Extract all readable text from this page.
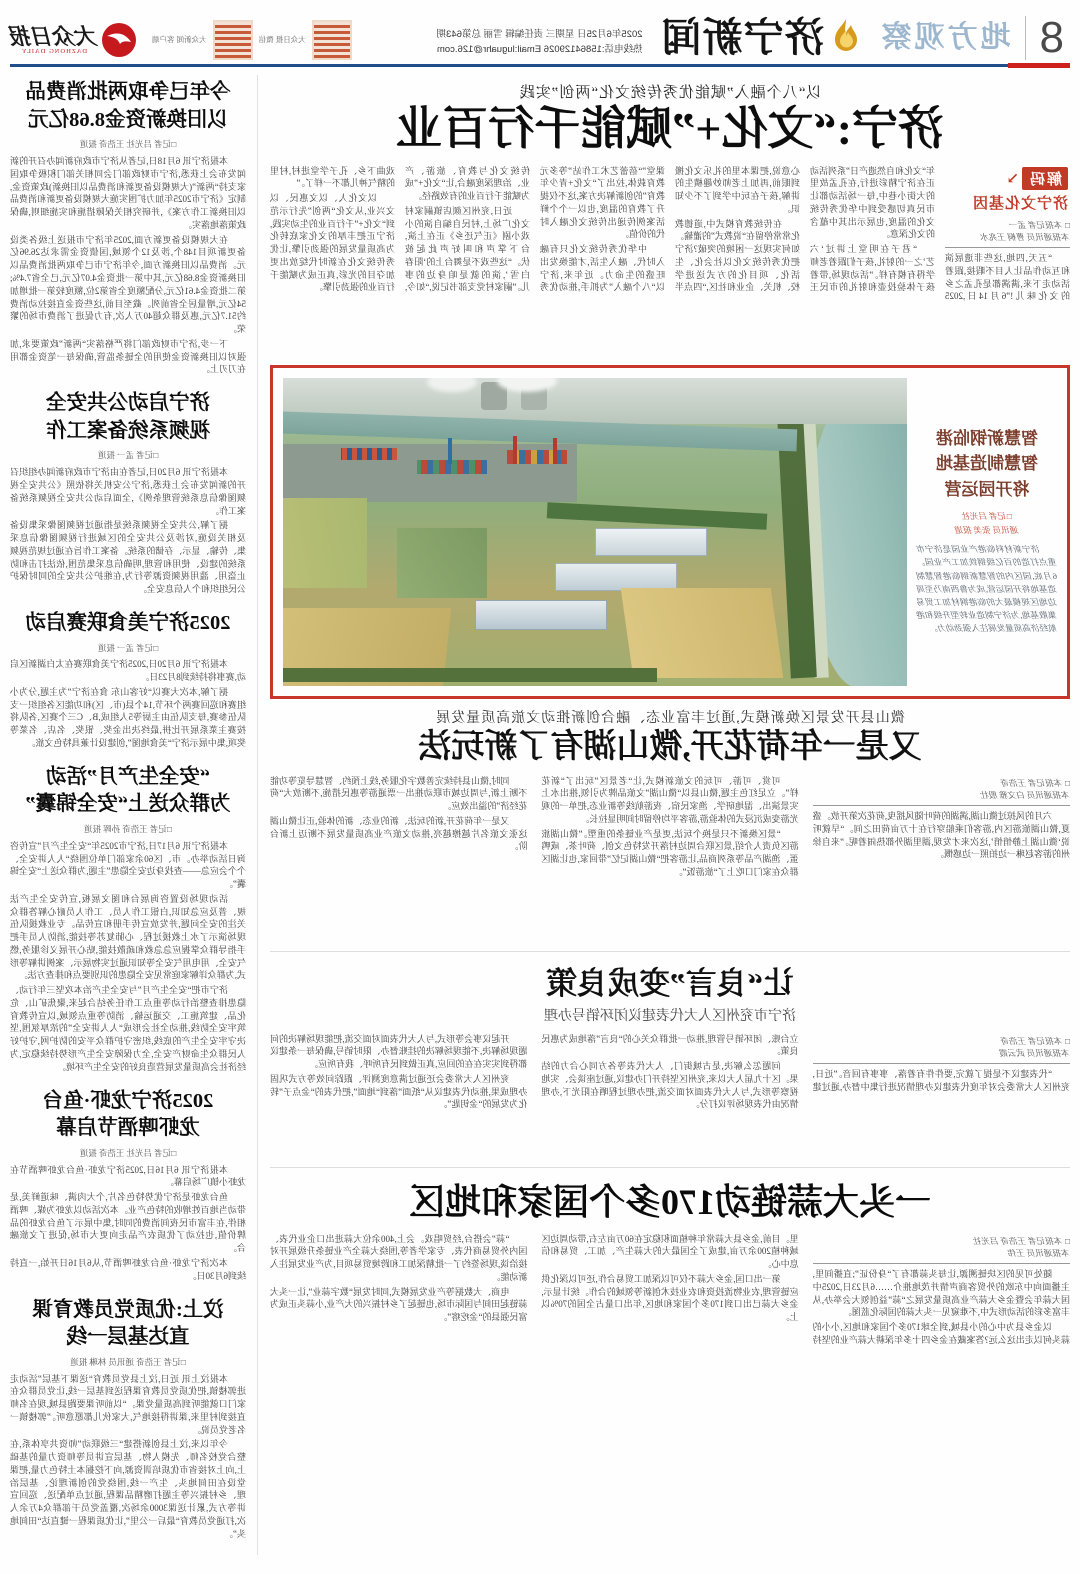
8
地方观察
济宁新闻
2025年6月25日 星期三 责任编辑 雪丽 总第643期
热线电话:15864129026 Email:luguahr@126.com
大众日报 微信
大众新闻 客户端
大众日报
DAZHONG DAILY
以“八个融入”赋能优秀传统文化“两创”实践
济宁:“文化+”赋能千行百业
解码
↘
济宁文化基因
□ 本报记者 孟一
本报通讯员 曹桐 王兆水

“五天,四地,这些非遗展演和互动作品让人目不暇接,跟着活动走下来,满满都是孔孟之乡的文化味儿!”6月14日,2025年“文化和自然遗产日”系列活动正在济宁精彩进行,在孔孟故里的大街小巷中,每一场活动都让市民真切感受到中华优秀传统文化的温度,也展示出其中蕴含的文化深意。

“君子在明堂上讲过‘六艺’之一的射礼,孩子们跟着老师学得有模有样。”活动现场,带着孩子体验投壶和射礼的市民王心意说,把课本里的礼乐文化搬到眼前,再加上老师妙趣横生的讲解,孩子在玩中学到了不少知识。

在传统教育模式中,道德教化常常停留在“说教式”的灌输。如何实现这一困境的突破?济宁把优秀传统文化以社会化、生活化、项目化的方式送进学校、机关、企业和社区,“四点半课堂”“蓓蕾艺术工作站”等多元教育载体,拉出了“文化+青少年教育”的创新解决方案,这不仅提升了教育的温度,也以一个个鲜活案例传递出传统文化融入时代的价值。

中华优秀传统文化只有融入时代、融入生活,才能焕发出旺盛的生命力。近年来,济宁以“八个融入”为抓手,推动优秀传统文化与教育、旅游、产业、治理深度融合,让“文化+”成为赋能千行百业的有效路径。

近日,兖州区颜店镇嗣家村文化广场上,村民自编自演的小戏小剧《正气还乡》正在上演,台下掌声和叫好声此起彼伏。“这些戏不是舞台上的‘阳春白雪’,演的就是咱身边的事儿。”嗣家村党支部书记说,“如今,戏曲下乡、孔子学堂进村,村里的精气神儿都不一样了。”

以文化人、以文惠民、以文兴业,从文化“两创”先行示范到“文化+”千行百业的生动实践,济宁正把丰厚的文化家底转化为高质量发展的强劲引擎,让优秀传统文化在新时代绽放出更加夺目的光彩,真正成为赋能千行百业的强劲引擎。

智慧新钢临港
智慧制造基地
将开园运营
□记者 吕光社
通讯员 张美 报道
济宁新材料临港产业园是济宁市重点打造的百亿级钢铁加工产业园。6月底,园区内的智慧新钢临港智慧制造基地将开园运营,成为鲁西南乃至周边地区规模最大的临港钢材加工贸易集散基地,为济宁制造业转型升级和港航经济高质量发展注入强劲动力。
微山县开发景区焕新模式,通过丰富业态、融合创新推动文旅高质量发展
又是一年荷花开,微山湖有了新玩法
□ 本报记者 王浩奇
本报通讯员 白文雅 殷壮

六月的风掠过微山湖,满湖的荷叶随风摇曳,荷花次第开放。盛夏,微山湖旅游区内,游客们乘船穿行在十万亩荷田之间。“早就听说‘微山湖上静悄悄’,这次来才发现,湖里湖外都热闹着呢。”来自徐州的游客赵琳一边拍照一边感慨。

可赏、可游、可玩的文旅新模式,让“老景区”玩出了“新花样”。立足红色主题,微山县以“微山湖”文旅品牌为引领,推出水上实景演出、湿地研学、渔家民宿、夜游航线等新业态,把单一的观光游变成沉浸式的体验游,游客平均停留时间明显拉长。

“景区焕新不只是换个玩法,更是产业链条的重塑。”微山湖旅游区负责人介绍,景区联合周边村落开发特色文创、荷叶茶、咸鸭蛋、渔湖产品等系列商品,让游客把“微山湖记忆”带回家,也让湖区群众在家门口吃上了“旅游饭”。

同时,微山县持续完善数字化服务,线上预约、智慧导览等功能不断上新,与周边城市联动推出一票通游等惠民措施,不断放大“荷花经济”的溢出效应。

又是一年荷花开,新的玩法、新的业态、新的体验,正让微山湖这张文旅名片越擦越亮,推动文旅产业高质量发展不断迈上新台阶。

让“良言”变成良策
济宁市兖州区人大代表建议闭环销号办理
□ 本报记者 王浩奇
本报通讯员 武云霞

“代表建议不是提了就完,要件件有着落、事事有回音。”近日,兖州区人大常委会对年度代表建议办理情况进行集中督办,通过建立台账、闭环销号管理,推动一批群众关心的“良言”落地成为惠民良策。

问题怎么解决,是古城街门、人大代表等各方同心合力的结果。区十九届人大以来,兖州区坚持开门办建议,通过座谈会、实地视察等形式,与人大代表面对面交流,把办理过程晒在阳光下,办理情况由代表现场评议打分。

开起议事会等形式,与人大代表面对面交流,把能现场解决的问题现场解决,不能现场解决的挂账督办、限时销号,确保每一条建议都得到实实在在的回应,真正做到民有所呼、我有所应。

兖州区人大常委会还通过满意度测评、跟踪问效等方式巩固办理成果,推动代表建议从“纸面”落到“地面”,把代表的“金点子”转化为发展的“金钥匙”。

一头大蒜链动170多个国家和地区
□ 本报记者 王浩奇 吕光社
本报通讯员 王伟

随处可见的区块链溯源,让每头蒜都有了“身份证”;直播间里,主播面向中东欧的外贸客商声情并茂地推介……6月23日,2025中国大蒜年会暨金乡大蒜产业高质量发展之“蒜”益创领大会举办,从丰富多彩的活动形式中,不难窥见一头大蒜的国际化蓝图。

以金乡县为中心的小县城,到全球170多个国家和地区,小小的蒜头何以走出这么远?答案藏在金乡四十多年深耕大蒜产业的坚持里。目前,金乡县大蒜常年种植面积稳定在60万亩左右,带动周边区域种植200余万亩,建成了全国最大的大蒜生产、加工、贸易和信息中心。

第一出口国,金乡大蒜不仅可以深加工贸易合作,还可以深化供应链管理,农业物流投资和农业技术创新等领域的合作。统计显示,金乡大蒜已出口到170多个国家和地区,年出口量占全国的70%以上。

“蒜”会搭台,经贸唱戏。会上,400余位大蒜进出口企业代表、国内外贸易商代表、专家学者等,围绕大蒜全产业链条升级展开对接洽谈,现场签约了一批精深加工和跨境贸易项目,为产业发展注入新动能。

电商、大数据等产业发展模式,同时发展“数字蒜业”,让一头大蒜链起田间与国际市场,也链起了乡村振兴的大产业,小蒜头正成为富民强县的“金疙瘩”。

今年已争取两批消费品
以旧换新资金8.68亿元
□记者 吕光社 王浩奇 报道

本报济宁讯 6月18日,记者从济宁市政府新闻办召开的新闻发布会上获悉,济宁市财政部门会同相关部门积极争取国家支持“两新”(大规模设备更新和消费品以旧换新)政策资金,制定《济宁市2025年加力扩围实施大规模设备更新和消费品以旧换新工作方案》,并研究相关保障措施和实施细则,确保政策落地落实。

在大规模设备更新方面,2025年济宁市报送上级各类设备更新项目148个,涉及12个领域,国债资金需求达26.96亿元。消费品以旧换新方面,今年济宁市已争取两批消费品以旧换新资金8.68亿元,其中第一批资金4.07亿元,已全省7.4%;第二批资金4.61亿元,分配额度全省第2位,额度较第一批增加54亿元,增量居全省前列。截至目前,这些资金直接拉动消费约51.7亿元,惠及群众超40万人次,有力促进了消费市场的繁荣。

下一步,济宁市财政部门将严格落实“两新”政策要求,加强对以旧换新资金使用的全链条监管,确保每一笔资金都用在刀刃上。

济宁启动公共安全
视频系统备案工作
□记者 孟一 报道

本报济宁讯 6月20日,记者在由济宁市政府新闻办组织召开的新闻发布会上获悉,济宁公安机关将依照《公共安全视频图像信息系统管理条例》,全面启动公共安全视频系统备案工作。

据了解,公共安全视频系统是指通过视频图像采集设备及相关设施,对涉及公共安全的区域进行视频图像信息采集、传输、显示、存储的系统。备案工作旨在通过规范视频系统的建设、使用和管理,明确信息采集范围,依法打击和防止盗用、滥用视频资源等行为,在维护公共安全的同时保护公民组织和个人信息安全。

2025济宁美食联赛启动
□记者 孟一 报道

本报济宁讯 6月20日,2025济宁美食联赛在太白湖新区启动,赛事将持续到8月23日。

据了解,本次大赛以“好客山东 食在济宁”为主题,分为小组赛和巡回赛两个环节,14个县(市、区)和功能区各组织一支队伍参赛,每支队伍由主厨等5人组成,B、C三个赛区,各队将按赛主菜系展开比拼,最终决出金奖、银奖、名店、名菜等奖项,集中展示济宁“美食地图”,创建设计兼具特色文旅。

“安全生产月”活动
为群众送上“安全锦囊”
□记者 王浩奇 孙晖 报道

本报济宁讯 6月17日,济宁市2025年“安全生产月”宣传咨询日活动举办。市、区60余家部门单位围绕“人人讲安全、个个会应急——查找身边安全隐患”主题,为群众送上“安全锦囊”。

活动现场设置咨询展台和图文展板,宣传安全生产法规、普及应急知识,白银工作人员、工作人员耐心解答群众关注的安全问题,并发放宣传手册和宣传品。专业救援队伍现场演示了水上救援过程、心肺复苏等技能,消防人员手把手指导群众掌握应急急救和疏散技能,贴心开展义诊服务,燃气安全、用电用气安全等知识通过实物展示、案例讲解等形式,为群众详解家庭常见安全隐患的识别要点和排查方法。

济宁市把“安全生产月”与安全生产治本攻坚三年行动、隐患排查整治行动等重点工作任务结合起来,聚焦矿山、危化品、建筑施工、交通运输、消防等重点领域,以宣传教育筑牢安全防线,推动全社会形成“人人讲安全”的浓厚氛围,坚决守牢安全生产的底线,织密守护群众平安的防护网,守护好人民群众生命财产安全,全力保障安全生产形势持续稳定,为经济社会高质量发展营造良好的安全生产环境。

2025济宁龙虾·鱼台
龙虾啤酒节启幕
□记者 吕光社 王浩奇 报道

本报济宁讯 6月16日,2025济宁龙虾·鱼台龙虾啤酒节在龙虾小镇广场启幕。

鱼台龙虾是济宁优势特色名片,个大肉满、味道鲜美,是带动当地百姓增收的特色产业。本次活动以龙虾为媒、啤酒相伴,在丰富市民夜间消费的同时,集中展示了鱼台龙虾的品牌价值,也拉动了优质农产品走向更大市场,促进了文旅融合。

本次济宁龙虾·鱼台龙虾啤酒节,从6月16日开始,一直持续到6月30日。

汶上:优质党员教育课
直达基层一线
□记者 王浩奇 通讯员 林琳 报道

本报汶上讯 近日,汶上县党员教育“送课下基层”活动走进郭楼镇,把优质党员教育课程送到基层一线,让党员群众在家门口就能听到高质量党课。“以前听课要跑县城,现在名师直接到村里来,课讲得接地气,大家伙儿都愿意听。”郭楼镇一名老党员说。

今年以来,汶上县创新搭建“三级联动”师资共享体系,在整合党校名师、先模人物、基层宣讲员等师资力量的基础上,向上对接省市优质培训资源,向下挖掘本土特色力量,把课堂设在田间地头、生产一线,围绕党的创新理论、基层治理、乡村振兴等主题打磨精品课程,通过点单配送、巡回宣讲等方式,累计送课3000余场次,覆盖党员干部群众4万余人次,打通党员教育“最后一公里”,让优质课程一键直达“田间地头”。
